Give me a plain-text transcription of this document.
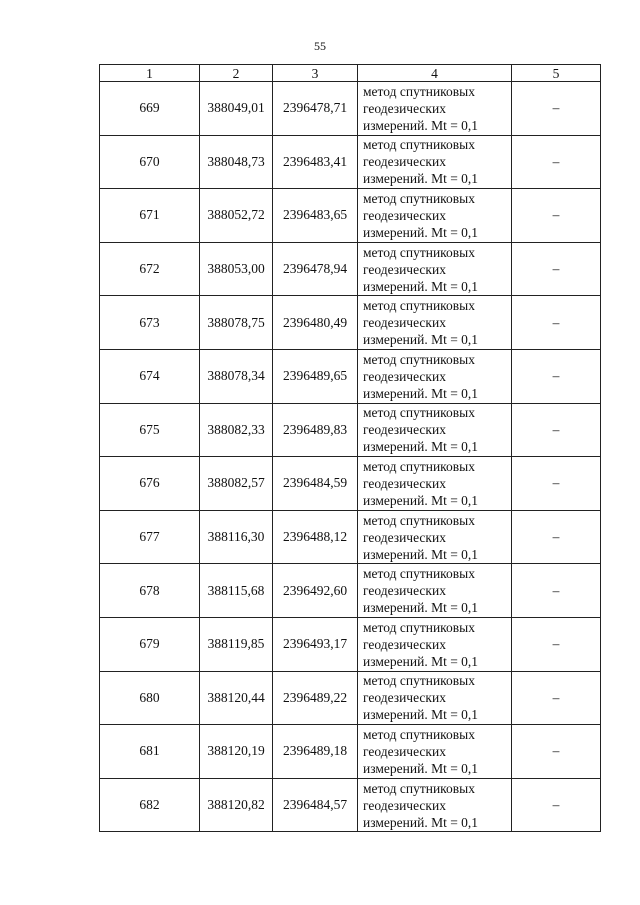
55
1	2	3	4	5
669	388049,01	2396478,71	метод спутниковых
геодезических
измерений. Mt = 0,1	–
670	388048,73	2396483,41	метод спутниковых
геодезических
измерений. Mt = 0,1	–
671	388052,72	2396483,65	метод спутниковых
геодезических
измерений. Mt = 0,1	–
672	388053,00	2396478,94	метод спутниковых
геодезических
измерений. Mt = 0,1	–
673	388078,75	2396480,49	метод спутниковых
геодезических
измерений. Mt = 0,1	–
674	388078,34	2396489,65	метод спутниковых
геодезических
измерений. Mt = 0,1	–
675	388082,33	2396489,83	метод спутниковых
геодезических
измерений. Mt = 0,1	–
676	388082,57	2396484,59	метод спутниковых
геодезических
измерений. Mt = 0,1	–
677	388116,30	2396488,12	метод спутниковых
геодезических
измерений. Mt = 0,1	–
678	388115,68	2396492,60	метод спутниковых
геодезических
измерений. Mt = 0,1	–
679	388119,85	2396493,17	метод спутниковых
геодезических
измерений. Mt = 0,1	–
680	388120,44	2396489,22	метод спутниковых
геодезических
измерений. Mt = 0,1	–
681	388120,19	2396489,18	метод спутниковых
геодезических
измерений. Mt = 0,1	–
682	388120,82	2396484,57	метод спутниковых
геодезических
измерений. Mt = 0,1	–
